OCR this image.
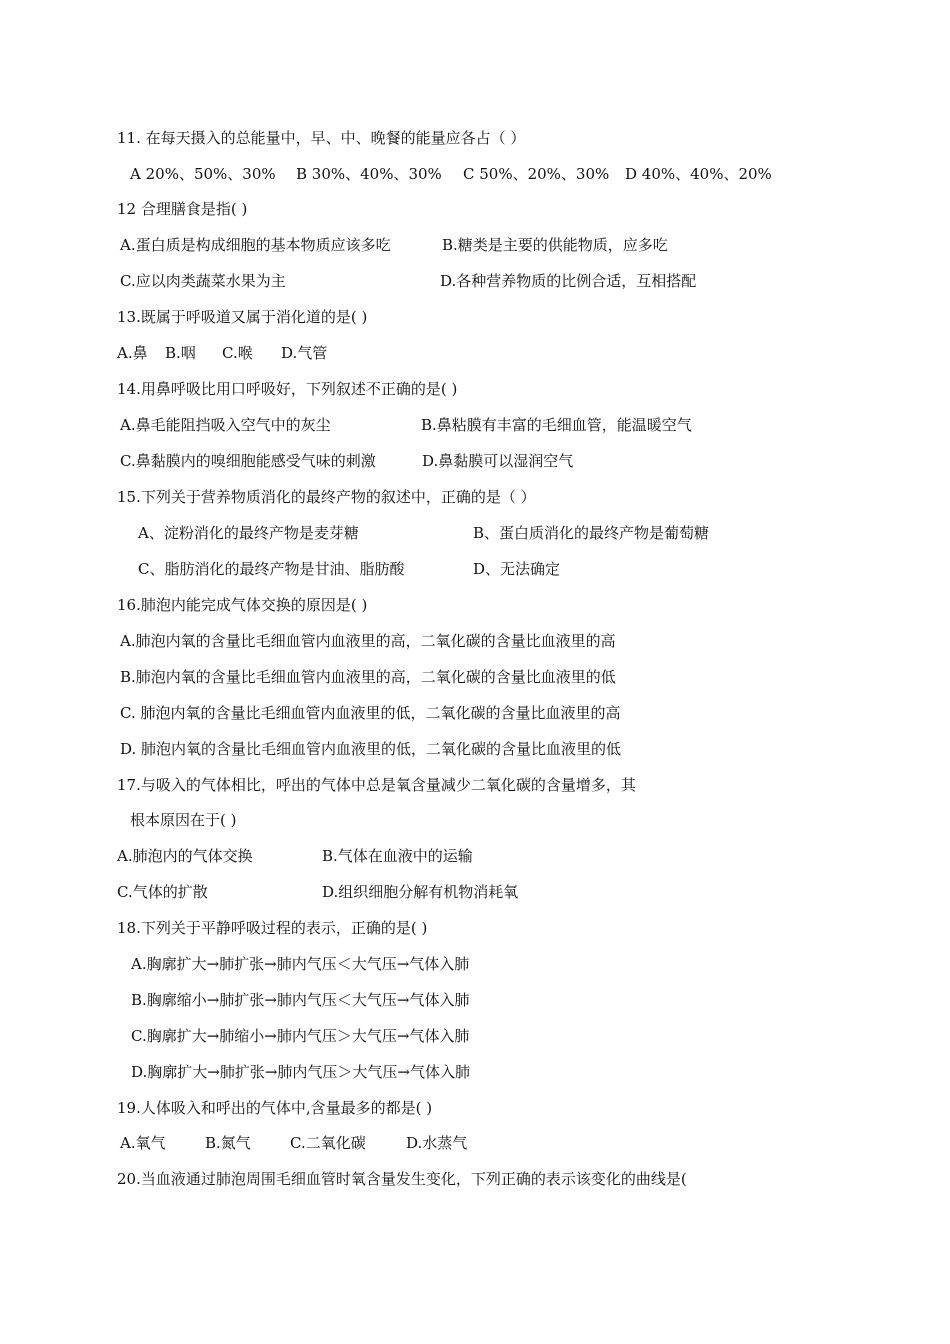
11. 在每天摄入的总能量中，早、中、晚餐的能量应各占（ ）
A 20%、50%、30% B 30%、40%、30% C 50%、20%、30% D 40%、40%、20%
12 合理膳食是指( )
A.蛋白质是构成细胞的基本物质应该多吃	B.糖类是主要的供能物质，应多吃
C.应以肉类蔬菜水果为主	D.各种营养物质的比例合适，互相搭配
13.既属于呼吸道又属于消化道的是( )
A.鼻 B.咽 C.喉 D.气管
14.用鼻呼吸比用口呼吸好，下列叙述不正确的是( )
A.鼻毛能阻挡吸入空气中的灰尘	B.鼻粘膜有丰富的毛细血管，能温暖空气
C.鼻黏膜内的嗅细胞能感受气味的刺激	D.鼻黏膜可以湿润空气
15.下列关于营养物质消化的最终产物的叙述中，正确的是（ ）
A、淀粉消化的最终产物是麦芽糖	B、蛋白质消化的最终产物是葡萄糖
C、脂肪消化的最终产物是甘油、脂肪酸	D、无法确定
16.肺泡内能完成气体交换的原因是( )
A.肺泡内氧的含量比毛细血管内血液里的高，二氧化碳的含量比血液里的高
B.肺泡内氧的含量比毛细血管内血液里的高，二氧化碳的含量比血液里的低
C. 肺泡内氧的含量比毛细血管内血液里的低，二氧化碳的含量比血液里的高
D. 肺泡内氧的含量比毛细血管内血液里的低，二氧化碳的含量比血液里的低
17.与吸入的气体相比，呼出的气体中总是氧含量减少二氧化碳的含量增多，其
根本原因在于( )
A.肺泡内的气体交换	B.气体在血液中的运输
C.气体的扩散	D.组织细胞分解有机物消耗氧
18.下列关于平静呼吸过程的表示，正确的是( )
A.胸廓扩大→肺扩张→肺内气压＜大气压→气体入肺
B.胸廓缩小→肺扩张→肺内气压＜大气压→气体入肺
C.胸廓扩大→肺缩小→肺内气压＞大气压→气体入肺
D.胸廓扩大→肺扩张→肺内气压＞大气压→气体入肺
19.人体吸入和呼出的气体中,含量最多的都是( )
A.氧气	B.氮气	C.二氧化碳	D.水蒸气
20.当血液通过肺泡周围毛细血管时氧含量发生变化，下列正确的表示该变化的曲线是(
